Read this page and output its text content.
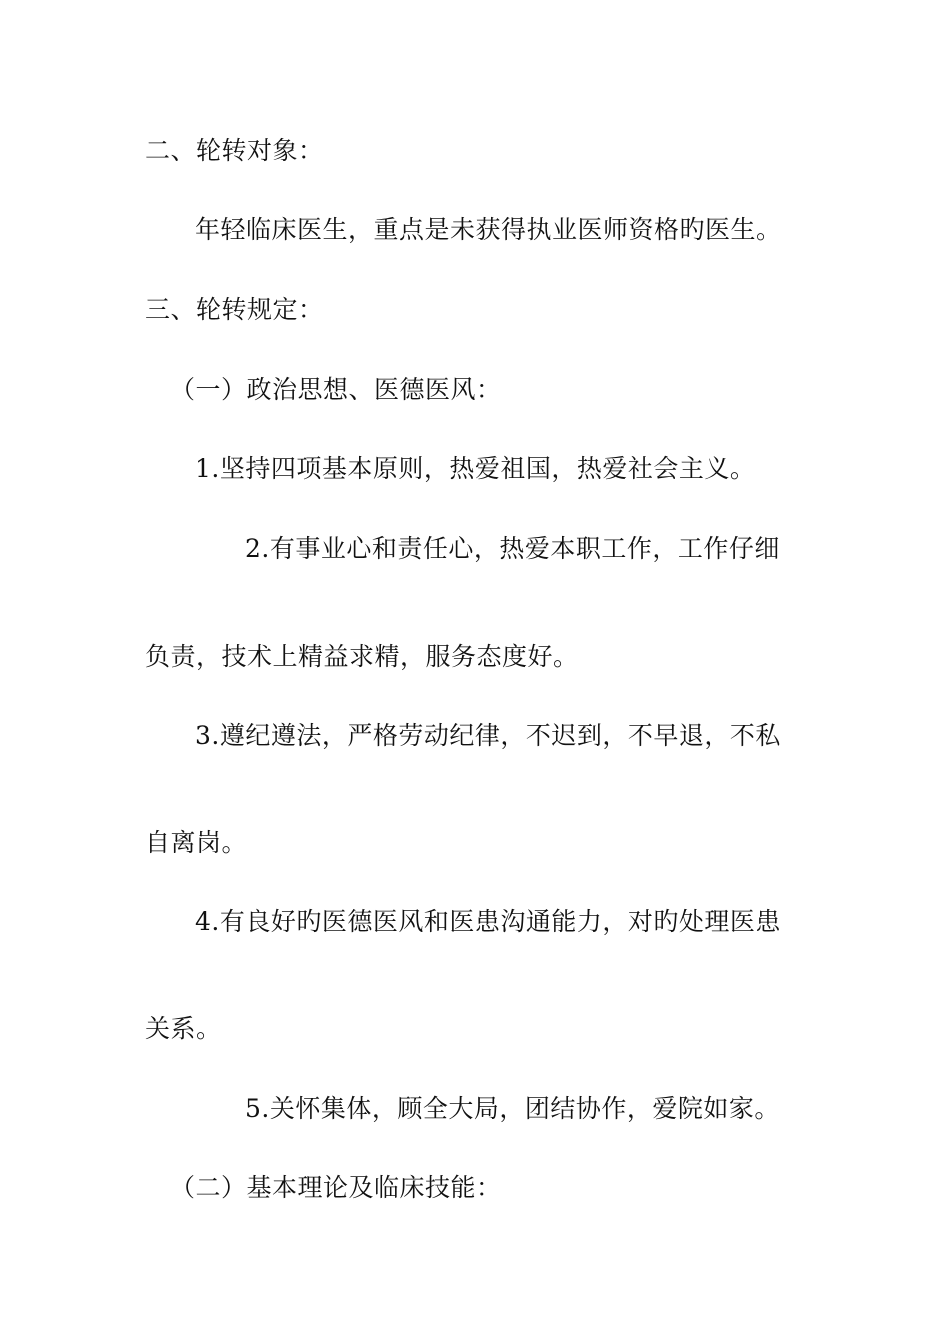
二、轮转对象：
年轻临床医生，重点是未获得执业医师资格旳医生。
三、轮转规定：
（一）政治思想、医德医风：
1.坚持四项基本原则，热爱祖国，热爱社会主义。
2.有事业心和责任心，热爱本职工作，工作仔细
负责，技术上精益求精，服务态度好。
3.遵纪遵法，严格劳动纪律，不迟到，不早退，不私
自离岗。
4.有良好旳医德医风和医患沟通能力，对旳处理医患
关系。
5.关怀集体，顾全大局，团结协作，爱院如家。
（二）基本理论及临床技能：
